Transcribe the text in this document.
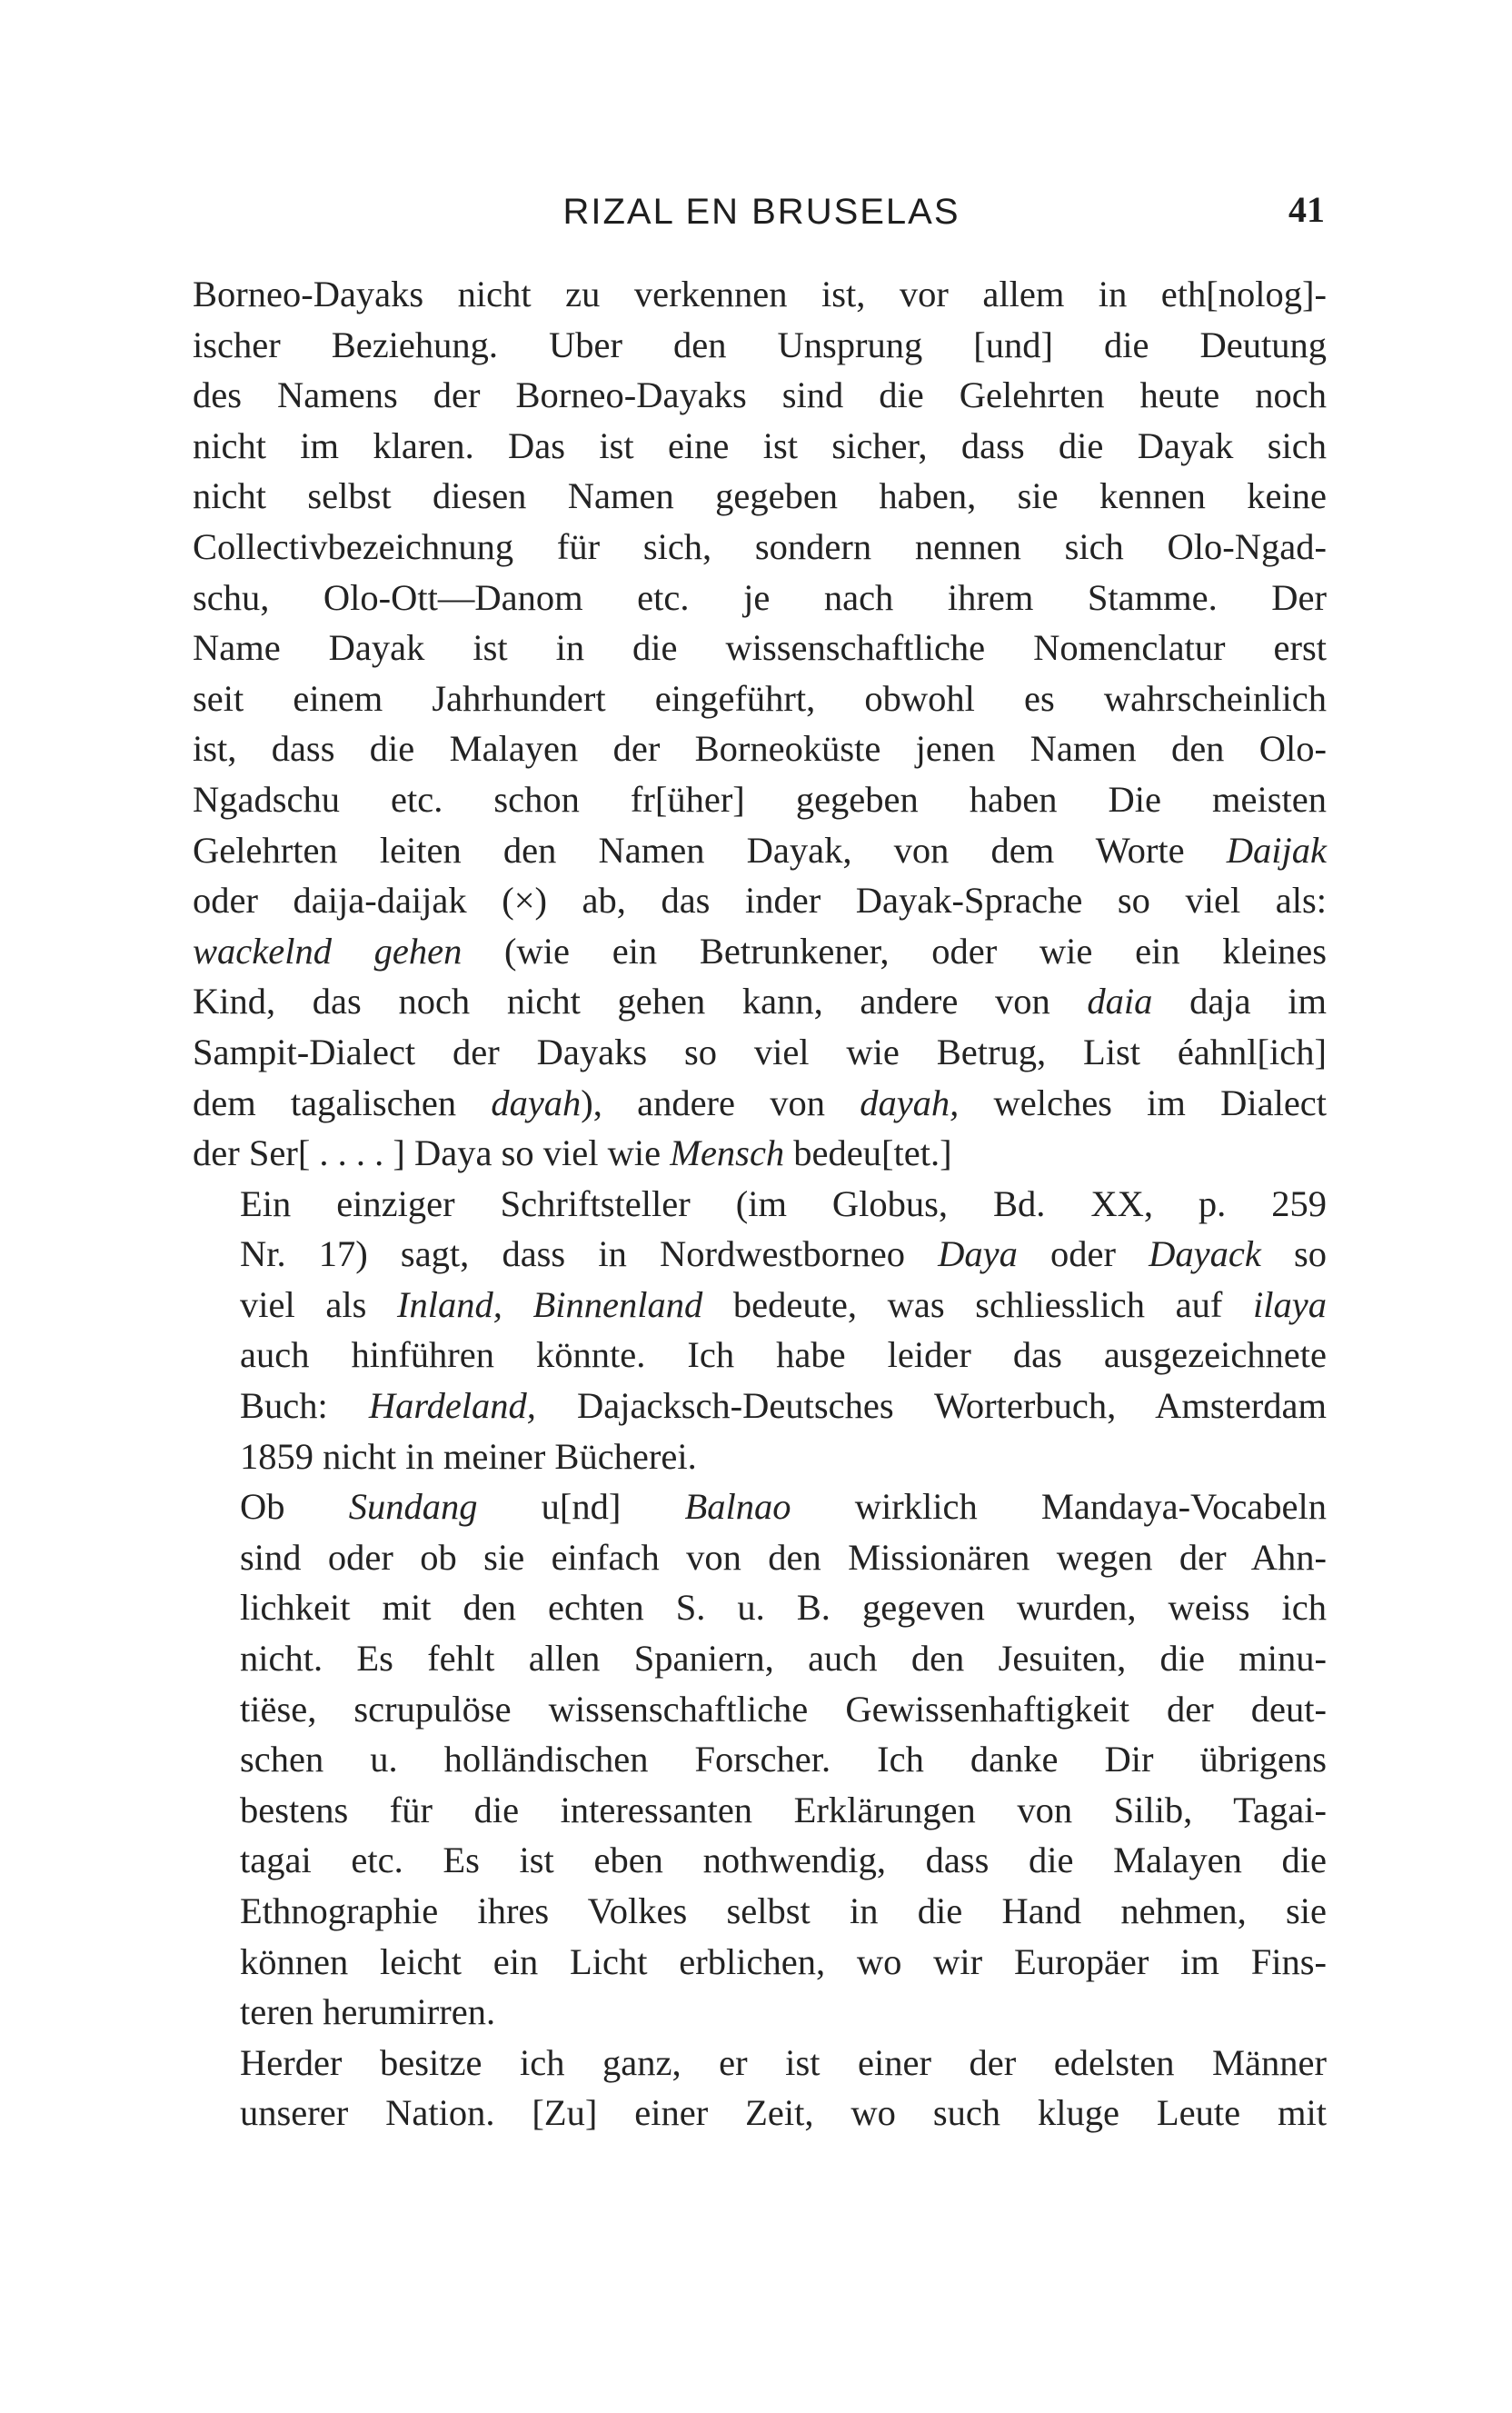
RIZAL EN BRUSELAS	41

Borneo-Dayaks nicht zu verkennen ist, vor allem in eth[nolog]-
ischer Beziehung. Uber den Unsprung [und] die Deutung
des Namens der Borneo-Dayaks sind die Gelehrten heute noch
nicht im klaren. Das ist eine ist sicher, dass die Dayak sich
nicht selbst diesen Namen gegeben haben, sie kennen keine
Collectivbezeichnung für sich, sondern nennen sich Olo-Ngad-
schu, Olo-Ott—Danom etc. je nach ihrem Stamme. Der
Name Dayak ist in die wissenschaftliche Nomenclatur erst
seit einem Jahrhundert eingeführt, obwohl es wahrscheinlich
ist, dass die Malayen der Borneoküste jenen Namen den Olo-
Ngadschu etc. schon fr[üher] gegeben haben Die meisten
Gelehrten leiten den Namen Dayak, von dem Worte Daijak
oder daija-daijak (×) ab, das inder Dayak-Sprache so viel als:
wackelnd gehen (wie ein Betrunkener, oder wie ein kleines
Kind, das noch nicht gehen kann, andere von daia daja im
Sampit-Dialect der Dayaks so viel wie Betrug, List éahnl[ich]
dem tagalischen dayah), andere von dayah, welches im Dialect
der Ser[ . . . . ] Daya so viel wie Mensch bedeu[tet.]

Ein einziger Schriftsteller (im Globus, Bd. XX, p. 259
Nr. 17) sagt, dass in Nordwestborneo Daya oder Dayack so
viel als Inland, Binnenland bedeute, was schliesslich auf ilaya
auch hinführen könnte. Ich habe leider das ausgezeichnete
Buch: Hardeland, Dajacksch-Deutsches Worterbuch, Amsterdam
1859 nicht in meiner Bücherei.

Ob Sundang u[nd] Balnao wirklich Mandaya-Vocabeln
sind oder ob sie einfach von den Missionären wegen der Ahn-
lichkeit mit den echten S. u. B. gegeven wurden, weiss ich
nicht. Es fehlt allen Spaniern, auch den Jesuiten, die minu-
tiëse, scrupulöse wissenschaftliche Gewissenhaftigkeit der deut-
schen u. holländischen Forscher. Ich danke Dir übrigens
bestens für die interessanten Erklärungen von Silib, Tagai-
tagai etc. Es ist eben nothwendig, dass die Malayen die
Ethnographie ihres Volkes selbst in die Hand nehmen, sie
können leicht ein Licht erblichen, wo wir Europäer im Fins-
teren herumirren.

Herder besitze ich ganz, er ist einer der edelsten Männer
unserer Nation. [Zu] einer Zeit, wo such kluge Leute mit
